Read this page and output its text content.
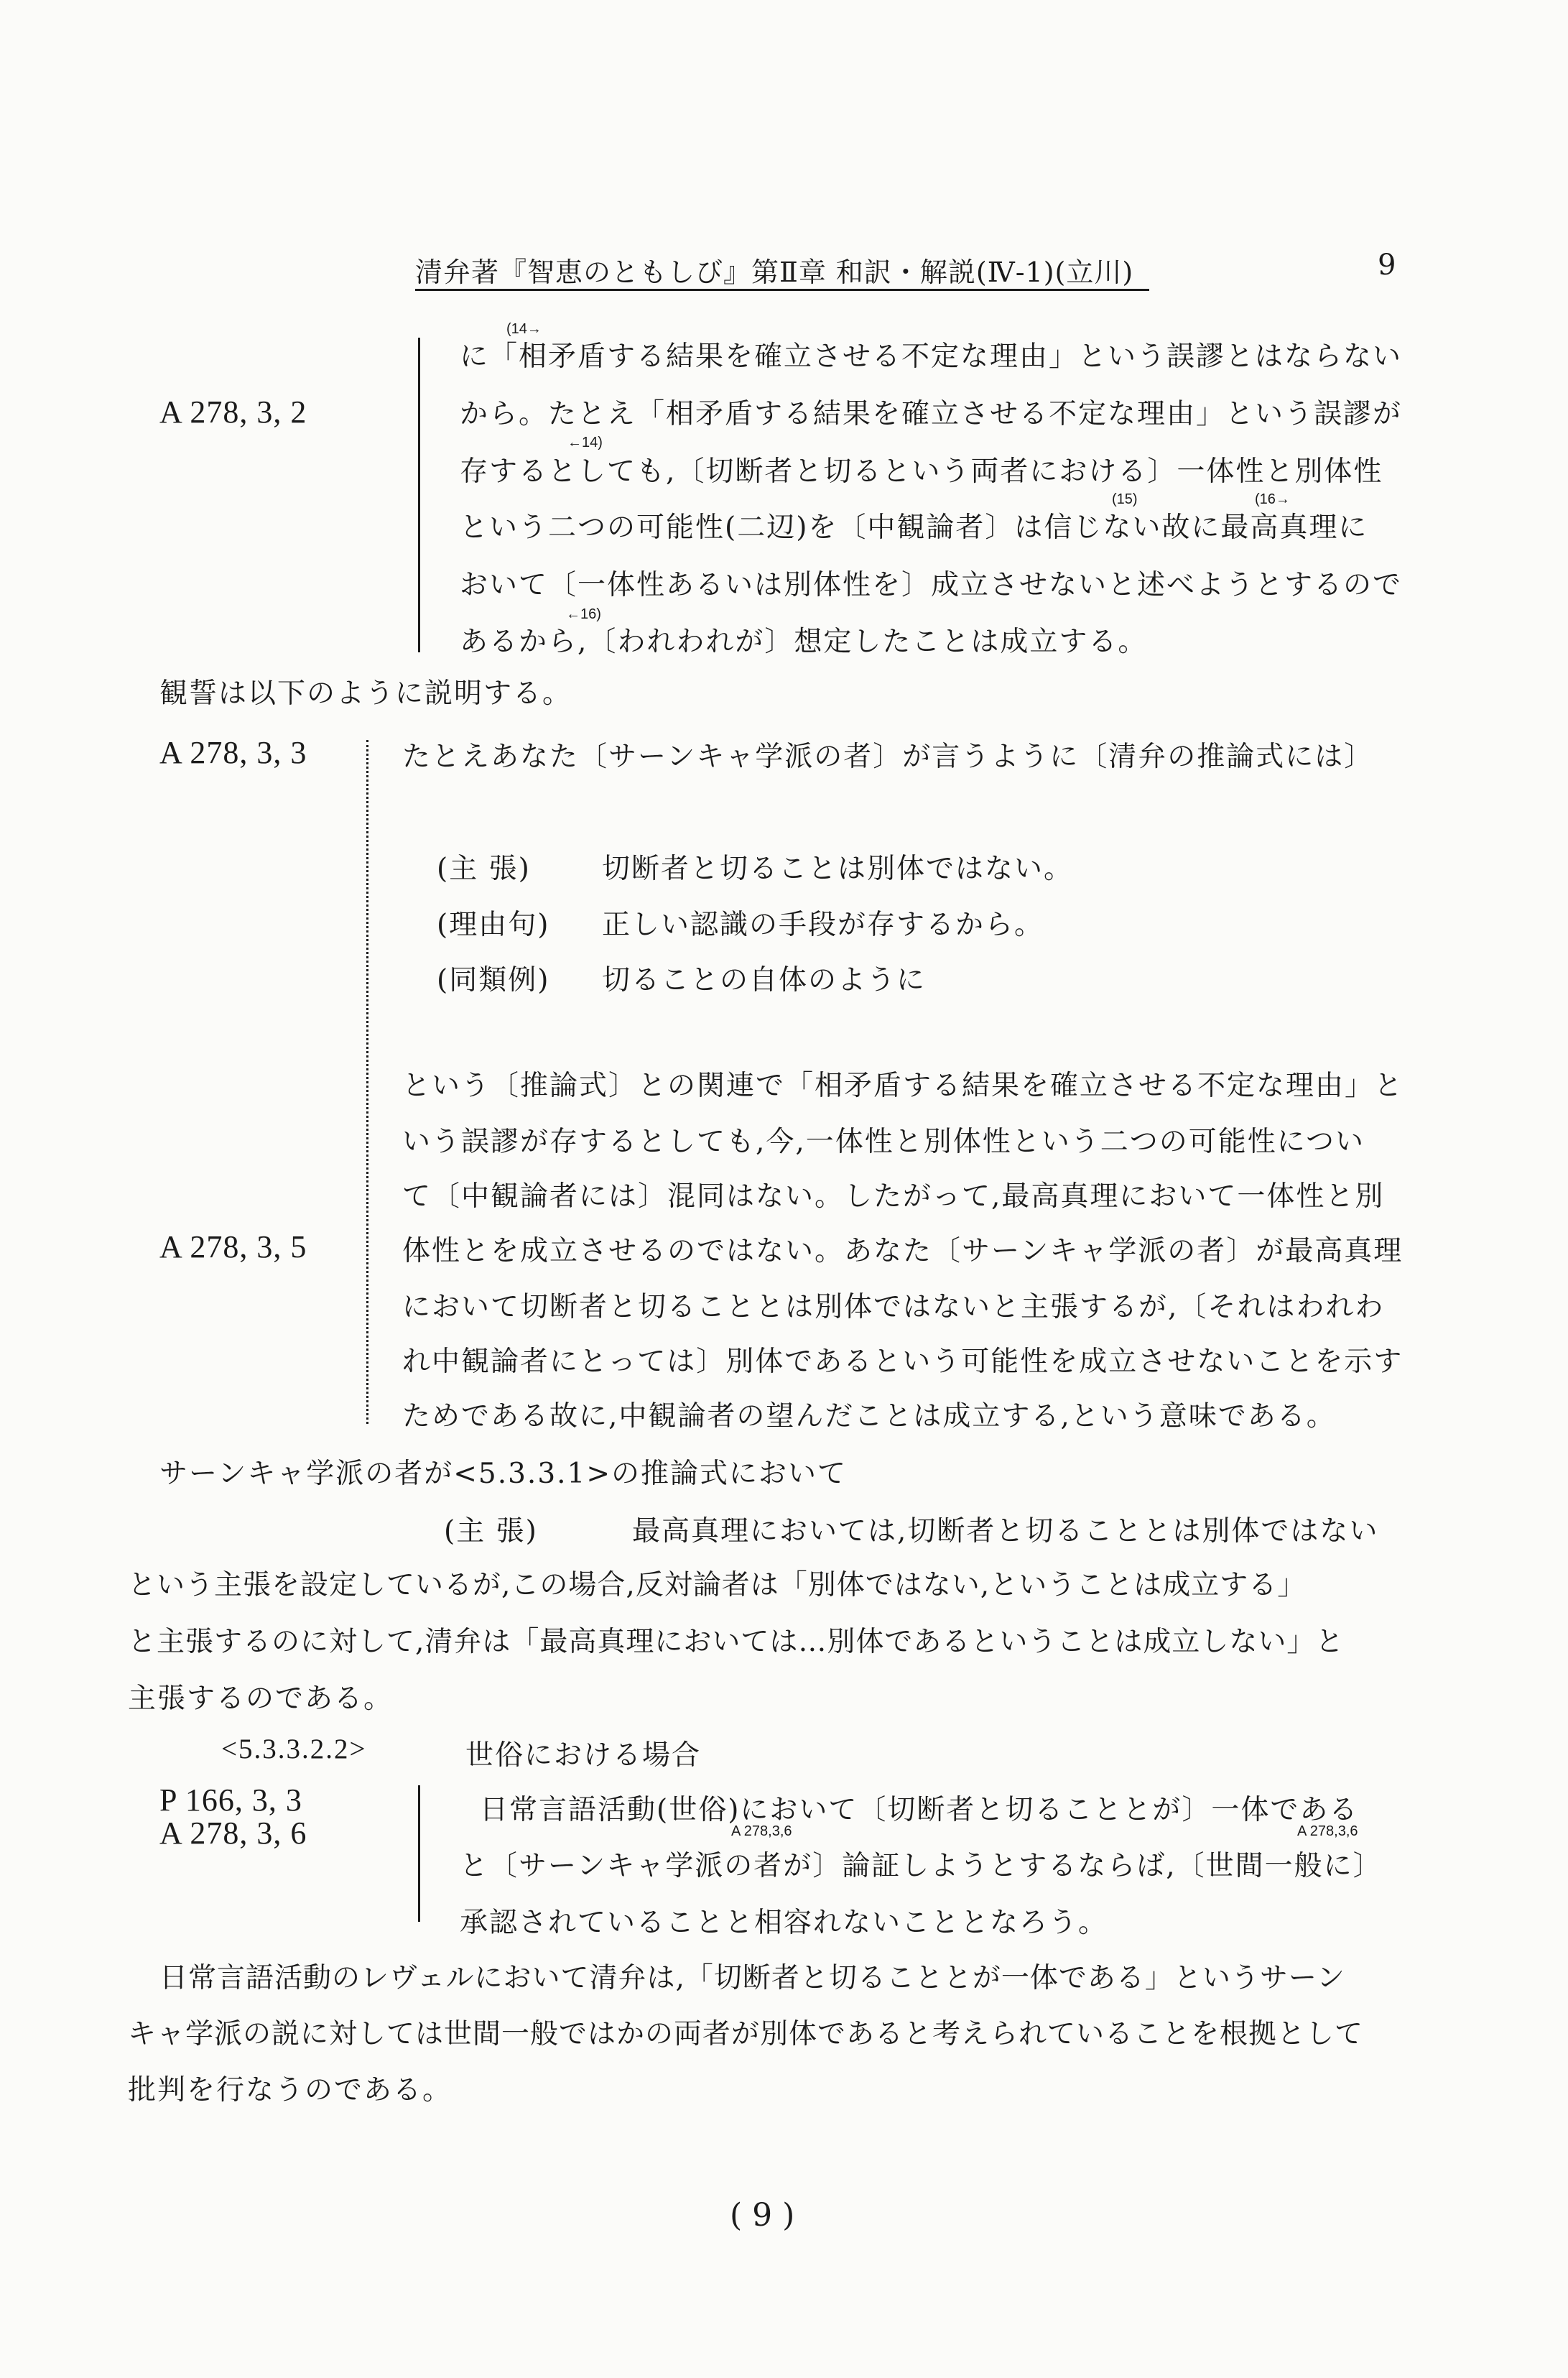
清弁著『智恵のともしび』第Ⅱ章 和訳・解説(Ⅳ-1)(立川)	9
A 278, 3, 2
(14→
←14)
(15)	(16→
←16)
に「相矛盾する結果を確立させる不定な理由」という誤謬とはならない
から。たとえ「相矛盾する結果を確立させる不定な理由」という誤謬が
存するとしても,〔切断者と切るという両者における〕一体性と別体性
という二つの可能性(二辺)を〔中観論者〕は信じない故に最高真理に
おいて〔一体性あるいは別体性を〕成立させないと述べようとするので
あるから,〔われわれが〕想定したことは成立する。
観誓は以下のように説明する。
A 278, 3, 3
A 278, 3, 5
たとえあなた〔サーンキャ学派の者〕が言うように〔清弁の推論式には〕
(主 張)	切断者と切ることは別体ではない。
(理由句) 正しい認識の手段が存するから。
(同類例) 切ることの自体のように
という〔推論式〕との関連で「相矛盾する結果を確立させる不定な理由」と
いう誤謬が存するとしても,今,一体性と別体性という二つの可能性につい
て〔中観論者には〕混同はない。したがって,最高真理において一体性と別
体性とを成立させるのではない。あなた〔サーンキャ学派の者〕が最高真理
において切断者と切ることとは別体ではないと主張するが,〔それはわれわ
れ中観論者にとっては〕別体であるという可能性を成立させないことを示す
ためである故に,中観論者の望んだことは成立する,という意味である。
サーンキャ学派の者が<5.3.3.1>の推論式において
(主 張)	最高真理においては,切断者と切ることとは別体ではない
という主張を設定しているが,この場合,反対論者は「別体ではない,ということは成立する」
と主張するのに対して,清弁は「最高真理においては…別体であるということは成立しない」と
主張するのである。
<5.3.3.2.2>	世俗における場合
P 166, 3, 3
A 278, 3, 6	A 278,3,6	A 278,3,6
日常言語活動(世俗)において〔切断者と切ることとが〕一体である
と〔サーンキャ学派の者が〕論証しようとするならば,〔世間一般に〕
承認されていることと相容れないこととなろう。
日常言語活動のレヴェルにおいて清弁は,「切断者と切ることとが一体である」というサーン
キャ学派の説に対しては世間一般ではかの両者が別体であると考えられていることを根拠として
批判を行なうのである。
( 9 )
